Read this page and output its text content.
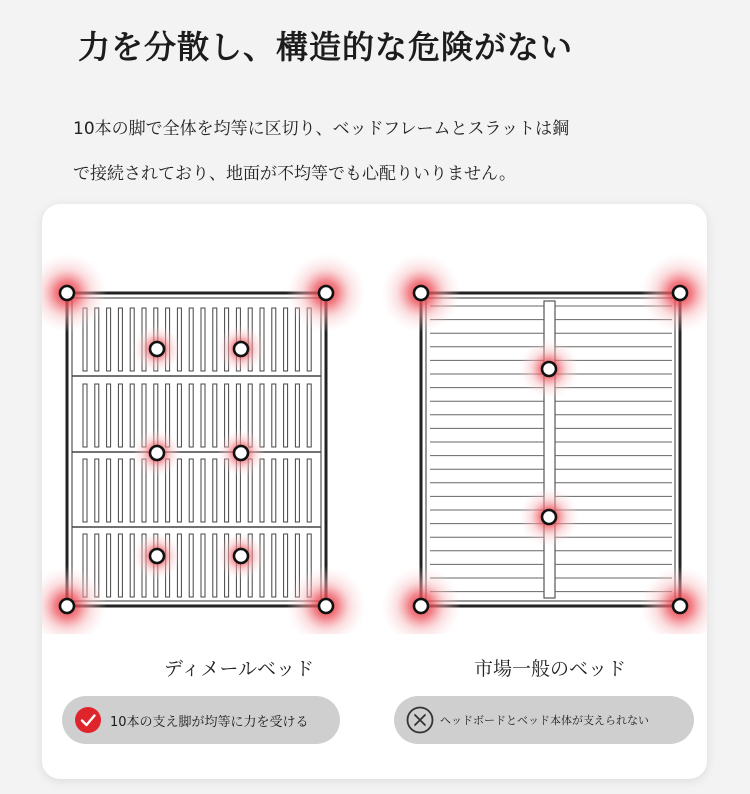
力を分散し、構造的な危険がない

10本の脚で全体を均等に区切り、ベッドフレームとスラットは鋼

で接続されており、地面が不均等でも心配りいりません。

ディメールベッド	市場一般のベッド
10本の支え脚が均等に力を受ける	ヘッドボードとベッド本体が支えられない
